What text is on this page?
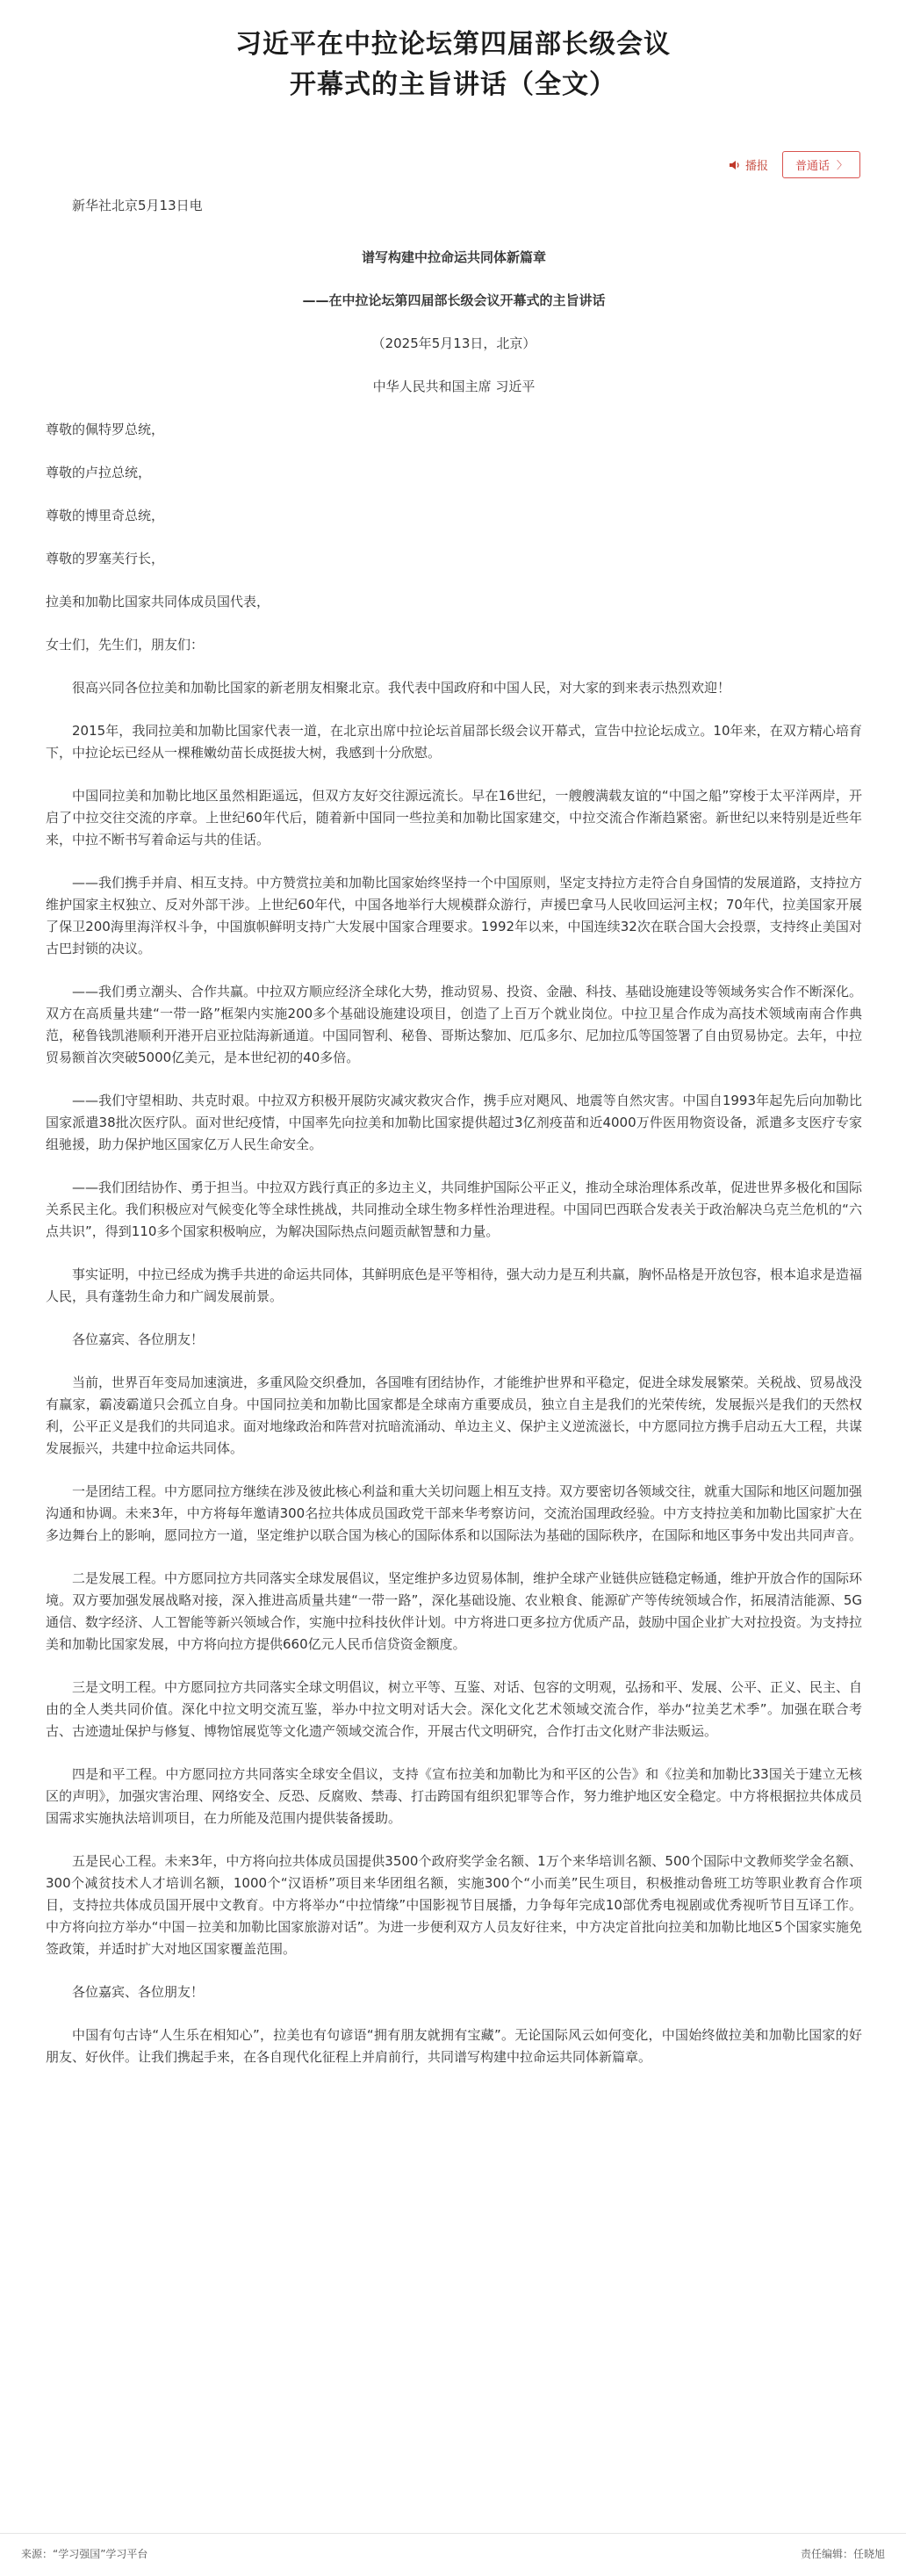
习近平在中拉论坛第四届部长级会议
开幕式的主旨讲话（全文）
播报 普通话 〉

新华社北京5月13日电

谱写构建中拉命运共同体新篇章

——在中拉论坛第四届部长级会议开幕式的主旨讲话

（2025年5月13日，北京）

中华人民共和国主席 习近平

尊敬的佩特罗总统，

尊敬的卢拉总统，

尊敬的博里奇总统，

尊敬的罗塞芙行长，

拉美和加勒比国家共同体成员国代表，

女士们，先生们，朋友们：

很高兴同各位拉美和加勒比国家的新老朋友相聚北京。我代表中国政府和中国人民，对大家的到来表示热烈欢迎！

2015年，我同拉美和加勒比国家代表一道，在北京出席中拉论坛首届部长级会议开幕式，宣告中拉论坛成立。10年来，在双方精心培育下，中拉论坛已经从一棵稚嫩幼苗长成挺拔大树，我感到十分欣慰。

中国同拉美和加勒比地区虽然相距遥远，但双方友好交往源远流长。早在16世纪，一艘艘满载友谊的“中国之船”穿梭于太平洋两岸，开启了中拉交往交流的序章。上世纪60年代后，随着新中国同一些拉美和加勒比国家建交，中拉交流合作渐趋紧密。新世纪以来特别是近些年来，中拉不断书写着命运与共的佳话。

——我们携手并肩、相互支持。中方赞赏拉美和加勒比国家始终坚持一个中国原则，坚定支持拉方走符合自身国情的发展道路，支持拉方维护国家主权独立、反对外部干涉。上世纪60年代，中国各地举行大规模群众游行，声援巴拿马人民收回运河主权；70年代，拉美国家开展了保卫200海里海洋权斗争，中国旗帜鲜明支持广大发展中国家合理要求。1992年以来，中国连续32次在联合国大会投票，支持终止美国对古巴封锁的决议。

——我们勇立潮头、合作共赢。中拉双方顺应经济全球化大势，推动贸易、投资、金融、科技、基础设施建设等领域务实合作不断深化。双方在高质量共建“一带一路”框架内实施200多个基础设施建设项目，创造了上百万个就业岗位。中拉卫星合作成为高技术领域南南合作典范，秘鲁钱凯港顺利开港开启亚拉陆海新通道。中国同智利、秘鲁、哥斯达黎加、厄瓜多尔、尼加拉瓜等国签署了自由贸易协定。去年，中拉贸易额首次突破5000亿美元，是本世纪初的40多倍。

——我们守望相助、共克时艰。中拉双方积极开展防灾减灾救灾合作，携手应对飓风、地震等自然灾害。中国自1993年起先后向加勒比国家派遣38批次医疗队。面对世纪疫情，中国率先向拉美和加勒比国家提供超过3亿剂疫苗和近4000万件医用物资设备，派遣多支医疗专家组驰援，助力保护地区国家亿万人民生命安全。

——我们团结协作、勇于担当。中拉双方践行真正的多边主义，共同维护国际公平正义，推动全球治理体系改革，促进世界多极化和国际关系民主化。我们积极应对气候变化等全球性挑战，共同推动全球生物多样性治理进程。中国同巴西联合发表关于政治解决乌克兰危机的“六点共识”，得到110多个国家积极响应，为解决国际热点问题贡献智慧和力量。

事实证明，中拉已经成为携手共进的命运共同体，其鲜明底色是平等相待，强大动力是互利共赢，胸怀品格是开放包容，根本追求是造福人民，具有蓬勃生命力和广阔发展前景。

各位嘉宾、各位朋友！

当前，世界百年变局加速演进，多重风险交织叠加，各国唯有团结协作，才能维护世界和平稳定，促进全球发展繁荣。关税战、贸易战没有赢家，霸凌霸道只会孤立自身。中国同拉美和加勒比国家都是全球南方重要成员，独立自主是我们的光荣传统，发展振兴是我们的天然权利，公平正义是我们的共同追求。面对地缘政治和阵营对抗暗流涌动、单边主义、保护主义逆流滋长，中方愿同拉方携手启动五大工程，共谋发展振兴，共建中拉命运共同体。

一是团结工程。中方愿同拉方继续在涉及彼此核心利益和重大关切问题上相互支持。双方要密切各领域交往，就重大国际和地区问题加强沟通和协调。未来3年，中方将每年邀请300名拉共体成员国政党干部来华考察访问，交流治国理政经验。中方支持拉美和加勒比国家扩大在多边舞台上的影响，愿同拉方一道，坚定维护以联合国为核心的国际体系和以国际法为基础的国际秩序，在国际和地区事务中发出共同声音。

二是发展工程。中方愿同拉方共同落实全球发展倡议，坚定维护多边贸易体制，维护全球产业链供应链稳定畅通，维护开放合作的国际环境。双方要加强发展战略对接，深入推进高质量共建“一带一路”，深化基础设施、农业粮食、能源矿产等传统领域合作，拓展清洁能源、5G通信、数字经济、人工智能等新兴领域合作，实施中拉科技伙伴计划。中方将进口更多拉方优质产品，鼓励中国企业扩大对拉投资。为支持拉美和加勒比国家发展，中方将向拉方提供660亿元人民币信贷资金额度。

三是文明工程。中方愿同拉方共同落实全球文明倡议，树立平等、互鉴、对话、包容的文明观，弘扬和平、发展、公平、正义、民主、自由的全人类共同价值。深化中拉文明交流互鉴，举办中拉文明对话大会。深化文化艺术领域交流合作，举办“拉美艺术季”。加强在联合考古、古迹遗址保护与修复、博物馆展览等文化遗产领域交流合作，开展古代文明研究，合作打击文化财产非法贩运。

四是和平工程。中方愿同拉方共同落实全球安全倡议，支持《宣布拉美和加勒比为和平区的公告》和《拉美和加勒比33国关于建立无核区的声明》，加强灾害治理、网络安全、反恐、反腐败、禁毒、打击跨国有组织犯罪等合作，努力维护地区安全稳定。中方将根据拉共体成员国需求实施执法培训项目，在力所能及范围内提供装备援助。

五是民心工程。未来3年，中方将向拉共体成员国提供3500个政府奖学金名额、1万个来华培训名额、500个国际中文教师奖学金名额、300个减贫技术人才培训名额，1000个“汉语桥”项目来华团组名额，实施300个“小而美”民生项目，积极推动鲁班工坊等职业教育合作项目，支持拉共体成员国开展中文教育。中方将举办“中拉情缘”中国影视节目展播，力争每年完成10部优秀电视剧或优秀视听节目互译工作。中方将向拉方举办“中国－拉美和加勒比国家旅游对话”。为进一步便利双方人员友好往来，中方决定首批向拉美和加勒比地区5个国家实施免签政策，并适时扩大对地区国家覆盖范围。

各位嘉宾、各位朋友！

中国有句古诗“人生乐在相知心”，拉美也有句谚语“拥有朋友就拥有宝藏”。无论国际风云如何变化，中国始终做拉美和加勒比国家的好朋友、好伙伴。让我们携起手来，在各自现代化征程上并肩前行，共同谱写构建中拉命运共同体新篇章。

来源：“学习强国”学习平台	责任编辑：任晓旭
